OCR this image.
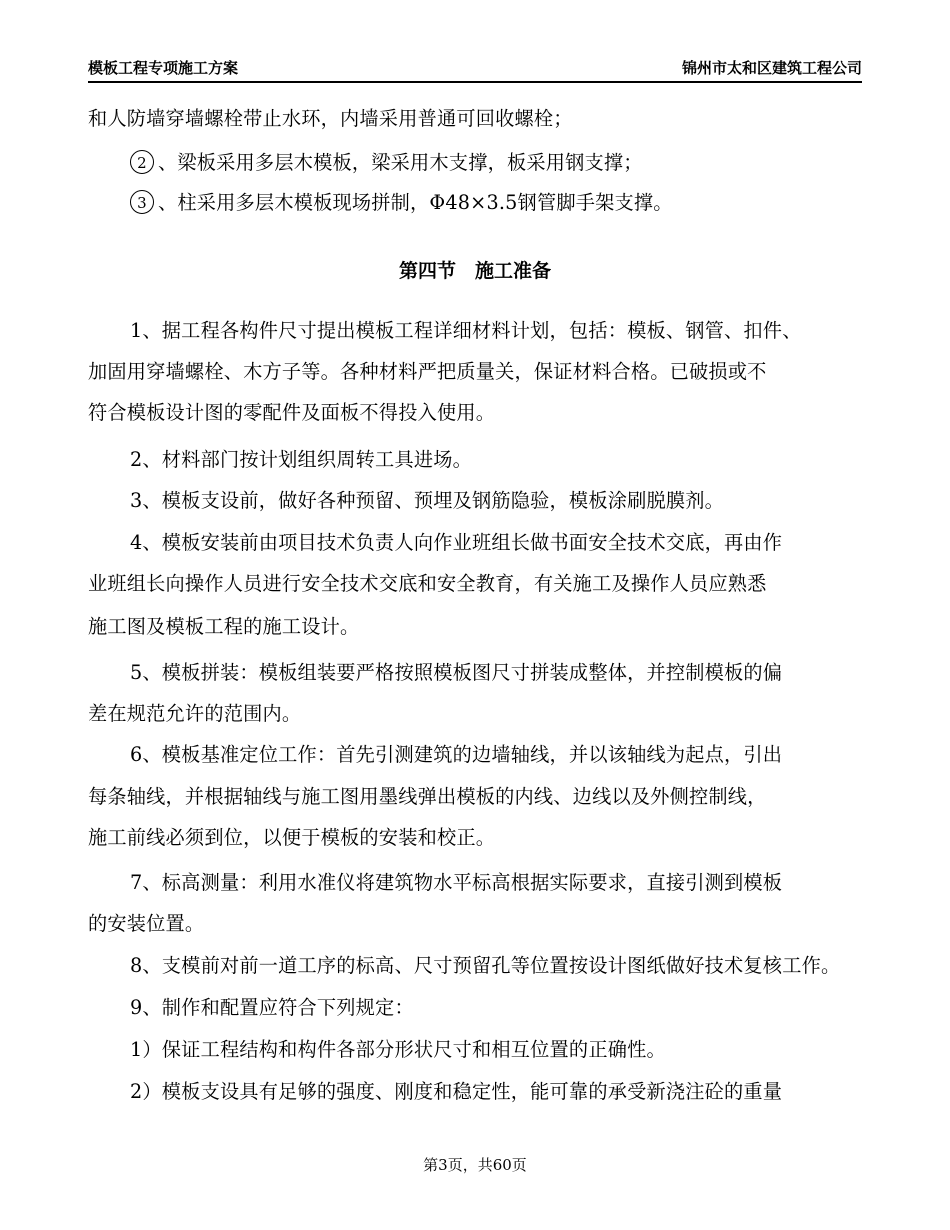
模板工程专项施工方案	锦州市太和区建筑工程公司
和人防墙穿墙螺栓带止水环，内墙采用普通可回收螺栓；
2 、梁板采用多层木模板，梁采用木支撑，板采用钢支撑；
3 、柱采用多层木模板现场拼制，Φ48×3.5钢管脚手架支撑。
第四节　施工准备
1、据工程各构件尺寸提出模板工程详细材料计划，包括：模板、钢管、扣件、
加固用穿墙螺栓、木方子等。各种材料严把质量关，保证材料合格。已破损或不
符合模板设计图的零配件及面板不得投入使用。
2、材料部门按计划组织周转工具进场。
3、模板支设前，做好各种预留、预埋及钢筋隐验，模板涂刷脱膜剂。
4、模板安装前由项目技术负责人向作业班组长做书面安全技术交底，再由作
业班组长向操作人员进行安全技术交底和安全教育，有关施工及操作人员应熟悉
施工图及模板工程的施工设计。
5、模板拼装：模板组装要严格按照模板图尺寸拼装成整体，并控制模板的偏
差在规范允许的范围内。
6、模板基准定位工作：首先引测建筑的边墙轴线，并以该轴线为起点，引出
每条轴线，并根据轴线与施工图用墨线弹出模板的内线、边线以及外侧控制线，
施工前线必须到位，以便于模板的安装和校正。
7、标高测量：利用水准仪将建筑物水平标高根据实际要求，直接引测到模板
的安装位置。
8、支模前对前一道工序的标高、尺寸预留孔等位置按设计图纸做好技术复核工作。
9、制作和配置应符合下列规定：
1）保证工程结构和构件各部分形状尺寸和相互位置的正确性。
2）模板支设具有足够的强度、刚度和稳定性，能可靠的承受新浇注砼的重量
第3页，共60页
